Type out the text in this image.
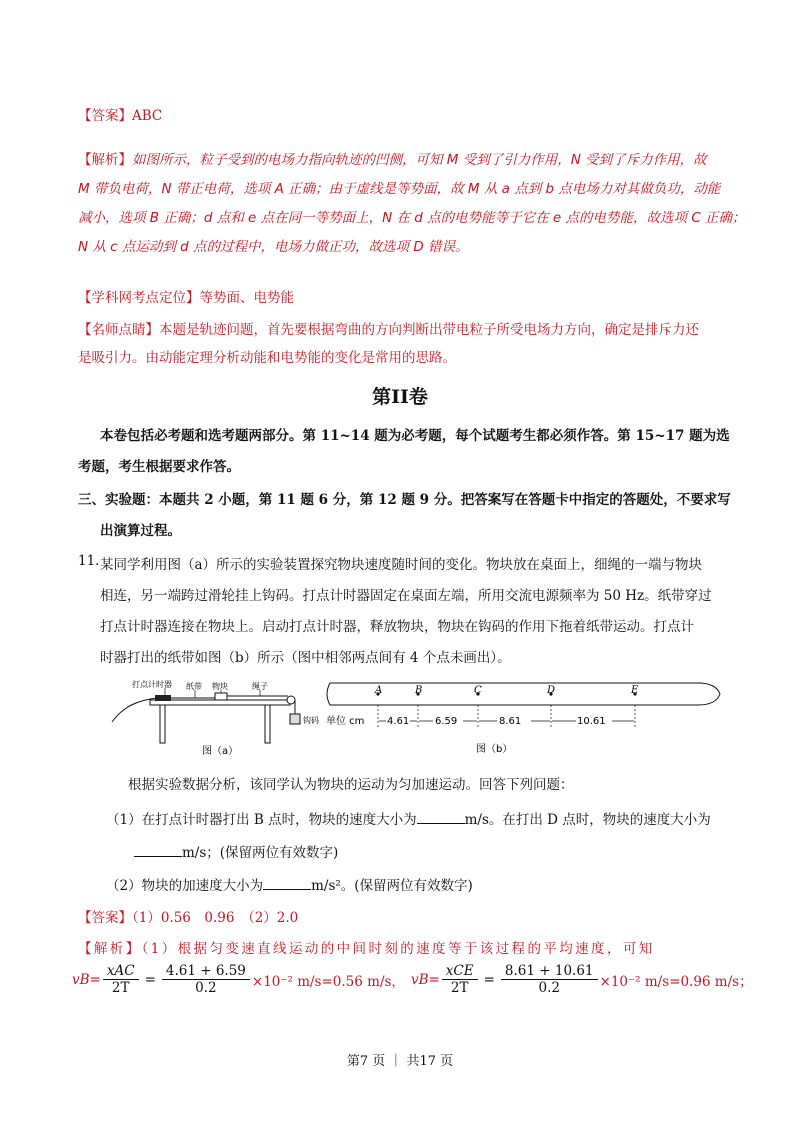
【答案】ABC
【解析】如图所示，粒子受到的电场力指向轨迹的凹侧，可知 M 受到了引力作用，N 受到了斥力作用，故
M 带负电荷，N 带正电荷，选项 A 正确；由于虚线是等势面，故 M 从 a 点到 b 点电场力对其做负功，动能
减小，选项 B 正确；d 点和 e 点在同一等势面上，N 在 d 点的电势能等于它在 e 点的电势能，故选项 C 正确；
N 从 c 点运动到 d 点的过程中，电场力做正功，故选项 D 错误。
【学科网考点定位】等势面、电势能
【名师点睛】本题是轨迹问题，首先要根据弯曲的方向判断出带电粒子所受电场力方向，确定是排斥力还
是吸引力。由动能定理分析动能和电势能的变化是常用的思路。
第II卷
本卷包括必考题和选考题两部分。第 11~14 题为必考题，每个试题考生都必须作答。第 15~17 题为选
考题，考生根据要求作答。
三、实验题：本题共 2 小题，第 11 题 6 分，第 12 题 9 分。把答案写在答题卡中指定的答题处，不要求写
出演算过程。
11. 某同学利用图（a）所示的实验装置探究物块速度随时间的变化。物块放在桌面上，细绳的一端与物块
相连，另一端跨过滑轮挂上钩码。打点计时器固定在桌面左端，所用交流电源频率为 50 Hz。纸带穿过
打点计时器连接在物块上。启动打点计时器，释放物块，物块在钩码的作用下拖着纸带运动。打点计
时器打出的纸带如图（b）所示（图中相邻两点间有 4 个点未画出）。
打点计时器 纸带 物块	绳子
钩码
图（a）
A	B	C	D	E
单位 cm 4.61	6.59	8.61	10.61
图（b）
根据实验数据分析，该同学认为物块的运动为匀加速运动。回答下列问题：
（1）在打点计时器打出 B 点时，物块的速度大小为	m/s。在打出 D 点时，物块的速度大小为
m/s；(保留两位有效数字)
（2）物块的加速度大小为	m/s²。(保留两位有效数字)
【答案】（1）0.56　0.96　（2）2.0
【解析】（1）根据匀变速直线运动的中间时刻的速度等于该过程的平均速度，可知
$vB= \frac{\text{xAC}}{2T} = \frac{4.61 + 6.59}{0.2} \times 10^{-2}$ m/s=0.56 m/s， $vB= \frac{\text{xCE}}{2T} = \frac{8.61 + 10.61}{0.2} \times 10^{-2}$ m/s=0.96 m/s；
第7 页 ｜ 共17 页
